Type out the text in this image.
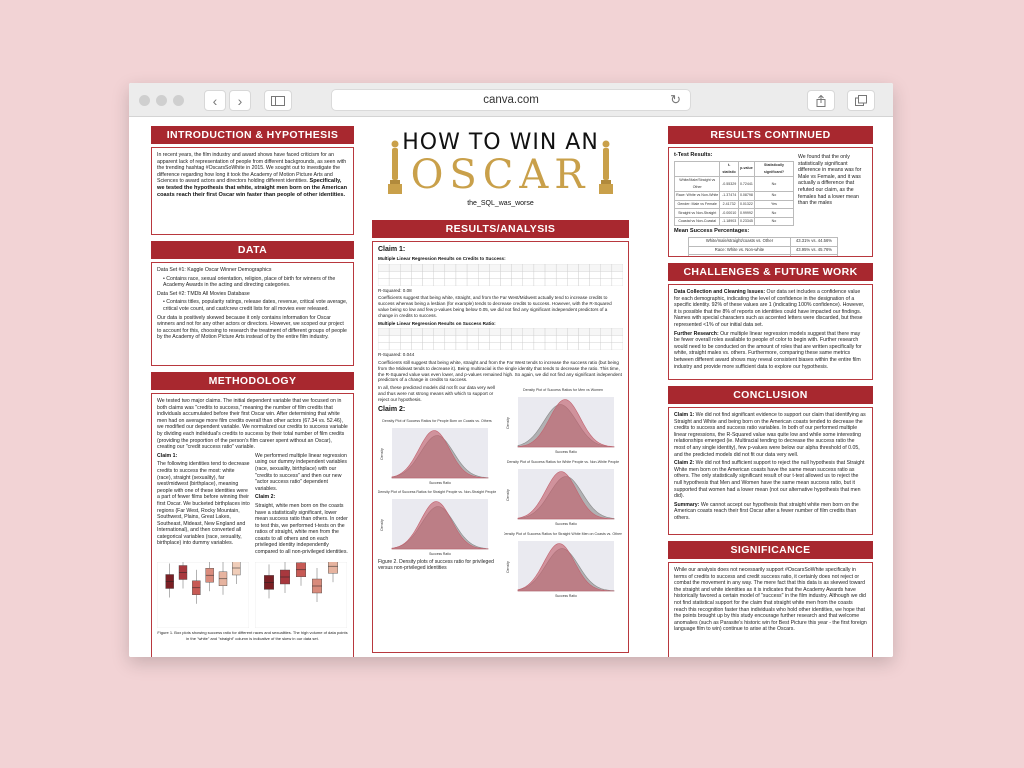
‹ ›	canva.com	↻
INTRODUCTION & HYPOTHESIS

In recent years, the film industry and award shows have faced criticism for an apparent lack of representation of people from different backgrounds, as seen with the trending hashtag #OscarsSoWhite in 2015. We sought out to investigate the difference regarding how long it took the Academy of Motion Picture Arts and Sciences to award actors and directors holding different identities. Specifically, we tested the hypothesis that white, straight men born on the American coasts reach their first Oscar win faster than people of other identities.

DATA

Data Set #1: Kaggle Oscar Winner Demographics

• Contains race, sexual orientation, religion, place of birth for winners of the Academy Awards in the acting and directing categories.

Data Set #2: TMDb All Movies Database

• Contains titles, popularity ratings, release dates, revenue, critical vote average, critical vote count, and cast/crew credit lists for all movies ever released.

Our data is positively skewed because it only contains information for Oscar winners and not for any other actors or directors. However, we scoped our project to account for this, choosing to research the treatment of different groups of people by the Academy of Motion Picture Arts instead of by the entire film industry.

METHODOLOGY

We tested two major claims. The initial dependent variable that we focused on in both claims was "credits to success," meaning the number of film credits that individuals accumulated before their first Oscar win. After determining that white men had on average more film credits overall than other actors (67.34 vs. 52.46), we modified our dependent variable. We normalized our credits to success variable by dividing each individual's credits to success by their total number of film credits (providing the proportion of the person's film career spent without an Oscar), creating our "credit success ratio" variable.

Claim 1:

The following identities tend to decrease credits to success the most: white (race), straight (sexuality), far west/midwest (birthplace), meaning people with one of these identities were a part of fewer films before winning their first Oscar. We bucketed birthplaces into regions (Far West, Rocky Mountain, Southwest, Plains, Great Lakes, Southeast, Mideast, New England and International), and then converted all categorical variables (race, sexuality, birthplace) into dummy variables.

We performed multiple linear regression using our dummy independent variables (race, sexuality, birthplace) with our "credits to success" and then our new "actor success ratio" dependent variables.

Claim 2:

Straight, white men born on the coasts have a statistically significant, lower mean success ratio than others. In order to test this, we performed t-tests on the ratios of straight, white men from the coasts to all others and on each privileged identity independently compared to all non-privileged identities.

Figure 1. Box plots showing success ratio for different races and sexualities. The high volume of data points in the "white" and "straight" column is indicative of the skew in our data set.

HOW TO WIN AN
OSCAR
the_SQL_was_worse
RESULTS/ANALYSIS

Claim 1:

Multiple Linear Regression Results on Credits to Success:

R-Squared: 0.08

Coefficients suggest that being white, straight, and from the Far West/Midwest actually tend to increase credits to success whereas being a lesbian (for example) tends to decrease credits to success. However, with the R-Squared value being so low and few p-values being below 0.05, we did not find any significant independent predictors of a change in credits to success.

Multiple Linear Regression Results on Success Ratio:

R-Squared: 0.044

Coefficients still suggest that being white, straight and from the Far West tends to increase the success ratio (but being from the Mideast tends to decrease it). Being multiracial is the single identity that tends to decrease the ratio. This time, the R-Squared value was even lower, and p-values remained high. So again, we did not find any significant independent predictors of a change in credits to success.

In all, these predicted models did not fit our data very well and thus were not strong means with which to support or reject our hypothesis.

Claim 2:

Density Plot of Success Ratios for People Born on Coasts vs. Others
Success Ratio
Density

Density Plot of Success Ratios for Straight People vs. Non-Straight People
Success Ratio
Density

Figure 2. Density plots of success ratio for privileged versus non-privileged identities

Density Plot of Success Ratios for Men vs Women
Success Ratio
Density

Density Plot of Success Ratios for White People vs. Non-White People
Success Ratio
Density

Density Plot of Success Ratios for Straight White Men on Coasts vs. Others
Success Ratio
Density
RESULTS CONTINUED

t-Test Results:

	t-statistic	p-value	Statistically significant?
White/Male/Straight vs Other	-0.55329	0.72441	No
Race: White vs Non-White	-1.37474	0.08798	No
Gender: Male vs Female	2.41732	0.01322	Yes
Straight vs Non-Straight	-0.00010	0.99992	No
Coastal vs Non-Coastal	-1.18903	0.23345	No
We found that the only statistically significant difference in means was for Male vs Female, and it was actually a difference that refuted our claim, as the females had a lower mean than the males

Mean Success Percentages:

White/male/straight/coasts vs. Other	43.31% vs. 44.56%
Race: White vs. Non-white	43.95% vs. 45.76%

CHALLENGES & FUTURE WORK

Data Collection and Cleaning Issues: Our data set includes a confidence value for each demographic, indicating the level of confidence in the designation of a specific identity. 92% of these values are 1 (indicating 100% confidence). However, it is possible that the 8% of reports on identities could have impacted our findings. Names with special characters such as accented letters were discarded, but these represented <1% of our initial data set.

Further Research: Our multiple linear regression models suggest that there may be fewer overall roles available to people of color to begin with. Further research would need to be conducted on the amount of roles that are written specifically for white, straight males vs. others. Furthermore, comparing these same metrics between different award shows may reveal consistent biases within the entire film industry and provide more sufficient data to explore our hypothesis.

CONCLUSION

Claim 1: We did not find significant evidence to support our claim that identifying as Straight and White and being born on the American coasts tended to decrease the credits to success and success ratio variables. In both of our performed multiple linear regressions, the R-Squared value was quite low and while some interesting relationships emerged (ie. Multiracial tending to decrease the success ratio the most of any single identity), few p-values were below our alpha threshold of 0.05, and the predicted models did not fit our data very well.

Claim 2: We did not find sufficient support to reject the null hypothesis that Straight White men born on the American coasts have the same mean success ratio as others. The only statistically significant result of our t-test allowed us to reject the null hypothesis that Men and Women have the same mean success ratio, but it supported that women had a lower mean (not our alternative hypothesis that men did).

Summary: We cannot accept our hypothesis that straight white men born on the American coasts reach their first Oscar after a fewer number of film credits than others.

SIGNIFICANCE

While our analysis does not necessarily support #OscarsSoWhite specifically in terms of credits to success and credit success ratio, it certainly does not reject or combat the movement in any way. The mere fact that this data is as skewed toward the straight and white identities as it is indicates that the Academy Awards have historically favored a certain model of "success" in the film industry. Although we did not find statistical support for the claim that straight white men from the coasts reach this recognition faster than individuals who hold other identities, we hope that the points brought up by this study encourage further research and that welcome anomalies (such as Parasite's historic win for Best Picture this year - the first foreign language film to win) continue to arise at the Oscars.
